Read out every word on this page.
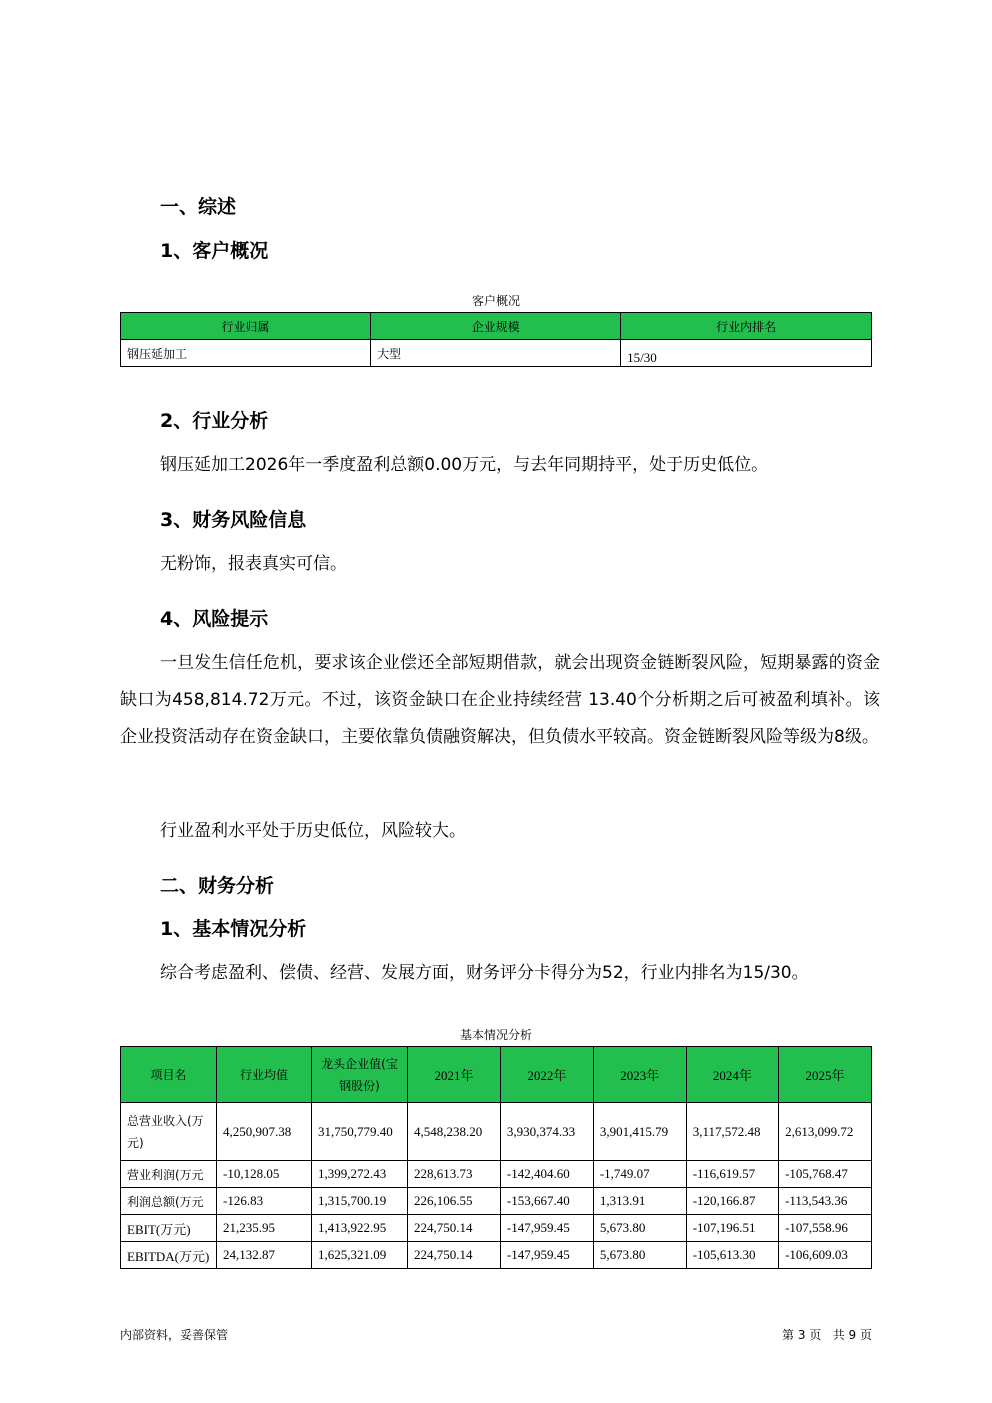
一、综述
1、客户概况
客户概况
行业归属	企业规模	行业内排名
钢压延加工	大型	15/30
2、行业分析
钢压延加工2026年一季度盈利总额0.00万元，与去年同期持平，处于历史低位。
3、财务风险信息
无粉饰，报表真实可信。
4、风险提示
一旦发生信任危机，要求该企业偿还全部短期借款，就会出现资金链断裂风险，短期暴露的资金缺口为458,814.72万元。不过，该资金缺口在企业持续经营 13.40个分析期之后可被盈利填补。该企业投资活动存在资金缺口，主要依靠负债融资解决，但负债水平较高。资金链断裂风险等级为8级。
行业盈利水平处于历史低位，风险较大。
二、财务分析
1、基本情况分析
综合考虑盈利、偿债、经营、发展方面，财务评分卡得分为52，行业内排名为15/30。
基本情况分析
项目名	行业均值	龙头企业值(宝钢股份)	2021年	2022年	2023年	2024年	2025年
总营业收入(万元)	4,250,907.38	31,750,779.40	4,548,238.20	3,930,374.33	3,901,415.79	3,117,572.48	2,613,099.72
营业利润(万元	-10,128.05	1,399,272.43	228,613.73	-142,404.60	-1,749.07	-116,619.57	-105,768.47
利润总额(万元	-126.83	1,315,700.19	226,106.55	-153,667.40	1,313.91	-120,166.87	-113,543.36
EBIT(万元)	21,235.95	1,413,922.95	224,750.14	-147,959.45	5,673.80	-107,196.51	-107,558.96
EBITDA(万元)	24,132.87	1,625,321.09	224,750.14	-147,959.45	5,673.80	-105,613.30	-106,609.03
内部资料，妥善保管	第 3 页   共 9 页
